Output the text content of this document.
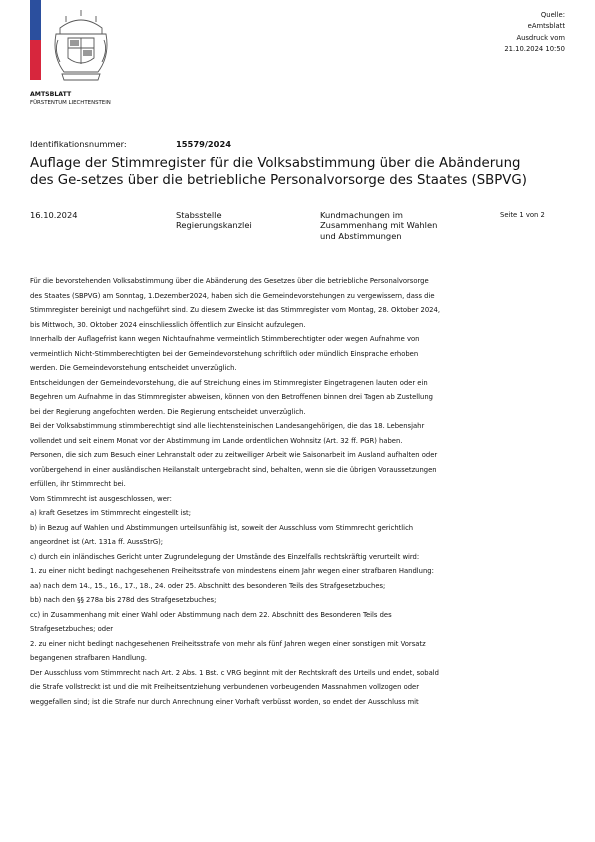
AMTSBLATT
FÜRSTENTUM LIECHTENSTEIN
Quelle:
eAmtsblatt
Ausdruck vom
21.10.2024 10:50
Identifikationsnummer:	15579/2024
Auflage der Stimmregister für die Volksabstimmung über die Abänderung
des Ge-setzes über die betriebliche Personalvorsorge des Staates (SBPVG)
16.10.2024	Stabsstelle
Regierungskanzlei
Kundmachungen im
Zusammenhang mit Wahlen
und Abstimmungen
Seite 1 von 2

Für die bevorstehenden Volksabstimmung über die Abänderung des Gesetzes über die betriebliche Personalvorsorge

des Staates (SBPVG) am Sonntag, 1.Dezember2024, haben sich die Gemeindevorstehungen zu vergewissern, dass die

Stimmregister bereinigt und nachgeführt sind. Zu diesem Zwecke ist das Stimmregister vom Montag, 28. Oktober 2024,

bis Mittwoch, 30. Oktober 2024 einschliesslich öffentlich zur Einsicht aufzulegen.

Innerhalb der Auflagefrist kann wegen Nichtaufnahme vermeintlich Stimmberechtigter oder wegen Aufnahme von

vermeintlich Nicht-Stimmberechtigten bei der Gemeindevorstehung schriftlich oder mündlich Einsprache erhoben

werden. Die Gemeindevorstehung entscheidet unverzüglich.

Entscheidungen der Gemeindevorstehung, die auf Streichung eines im Stimmregister Eingetragenen lauten oder ein

Begehren um Aufnahme in das Stimmregister abweisen, können von den Betroffenen binnen drei Tagen ab Zustellung

bei der Regierung angefochten werden. Die Regierung entscheidet unverzüglich.

Bei der Volksabstimmung stimmberechtigt sind alle liechtensteinischen Landesangehörigen, die das 18. Lebensjahr

vollendet und seit einem Monat vor der Abstimmung im Lande ordentlichen Wohnsitz (Art. 32 ff. PGR) haben.

Personen, die sich zum Besuch einer Lehranstalt oder zu zeitweiliger Arbeit wie Saisonarbeit im Ausland aufhalten oder

vorübergehend in einer ausländischen Heilanstalt untergebracht sind, behalten, wenn sie die übrigen Voraussetzungen

erfüllen, ihr Stimmrecht bei.

Vom Stimmrecht ist ausgeschlossen, wer:

a) kraft Gesetzes im Stimmrecht eingestellt ist;

b) in Bezug auf Wahlen und Abstimmungen urteilsunfähig ist, soweit der Ausschluss vom Stimmrecht gerichtlich

angeordnet ist (Art. 131a ff. AussStrG);

c) durch ein inländisches Gericht unter Zugrundelegung der Umstände des Einzelfalls rechtskräftig verurteilt wird:

1. zu einer nicht bedingt nachgesehenen Freiheitsstrafe von mindestens einem Jahr wegen einer strafbaren Handlung:

aa) nach dem 14., 15., 16., 17., 18., 24. oder 25. Abschnitt des besonderen Teils des Strafgesetzbuches;

bb) nach den §§ 278a bis 278d des Strafgesetzbuches;

cc) in Zusammenhang mit einer Wahl oder Abstimmung nach dem 22. Abschnitt des Besonderen Teils des

Strafgesetzbuches; oder

2. zu einer nicht bedingt nachgesehenen Freiheitsstrafe von mehr als fünf Jahren wegen einer sonstigen mit Vorsatz

begangenen strafbaren Handlung.

Der Ausschluss vom Stimmrecht nach Art. 2 Abs. 1 Bst. c VRG beginnt mit der Rechtskraft des Urteils und endet, sobald

die Strafe vollstreckt ist und die mit Freiheitsentziehung verbundenen vorbeugenden Massnahmen vollzogen oder

weggefallen sind; ist die Strafe nur durch Anrechnung einer Vorhaft verbüsst worden, so endet der Ausschluss mit
